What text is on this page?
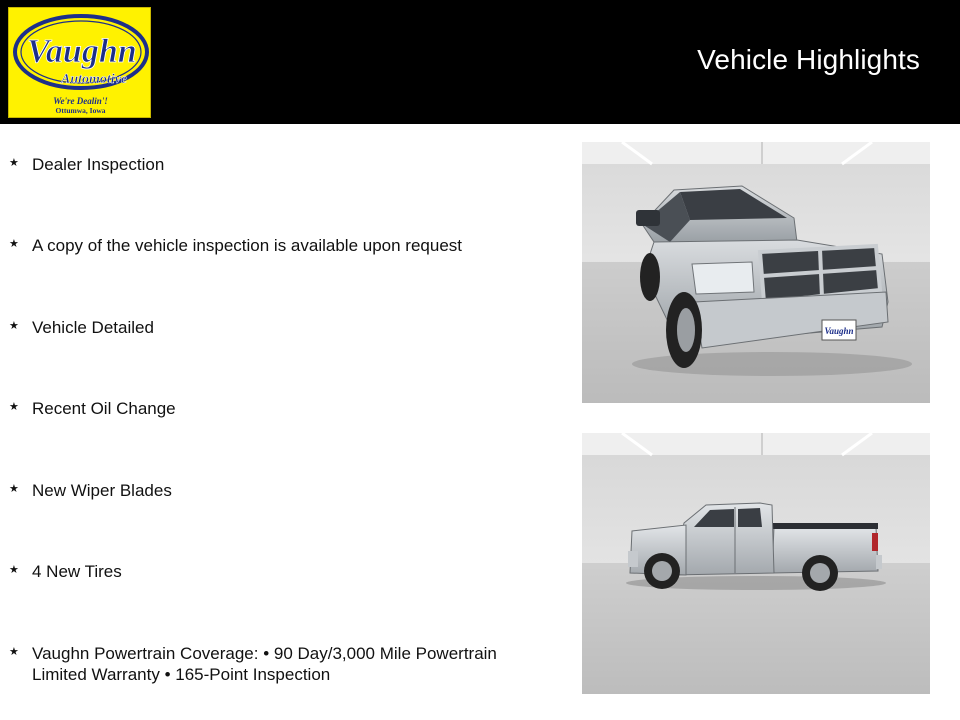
Vaughn
Automotive
We're Dealin'!
Ottumwa, Iowa
Vehicle Highlights
★ Dealer Inspection
★ A copy of the vehicle inspection is available upon request
★ Vehicle Detailed
★ Recent Oil Change
★ New Wiper Blades
★ 4 New Tires
★ Vaughn Powertrain Coverage: • 90 Day/3,000 Mile Powertrain Limited Warranty • 165-Point Inspection
Vaughn
